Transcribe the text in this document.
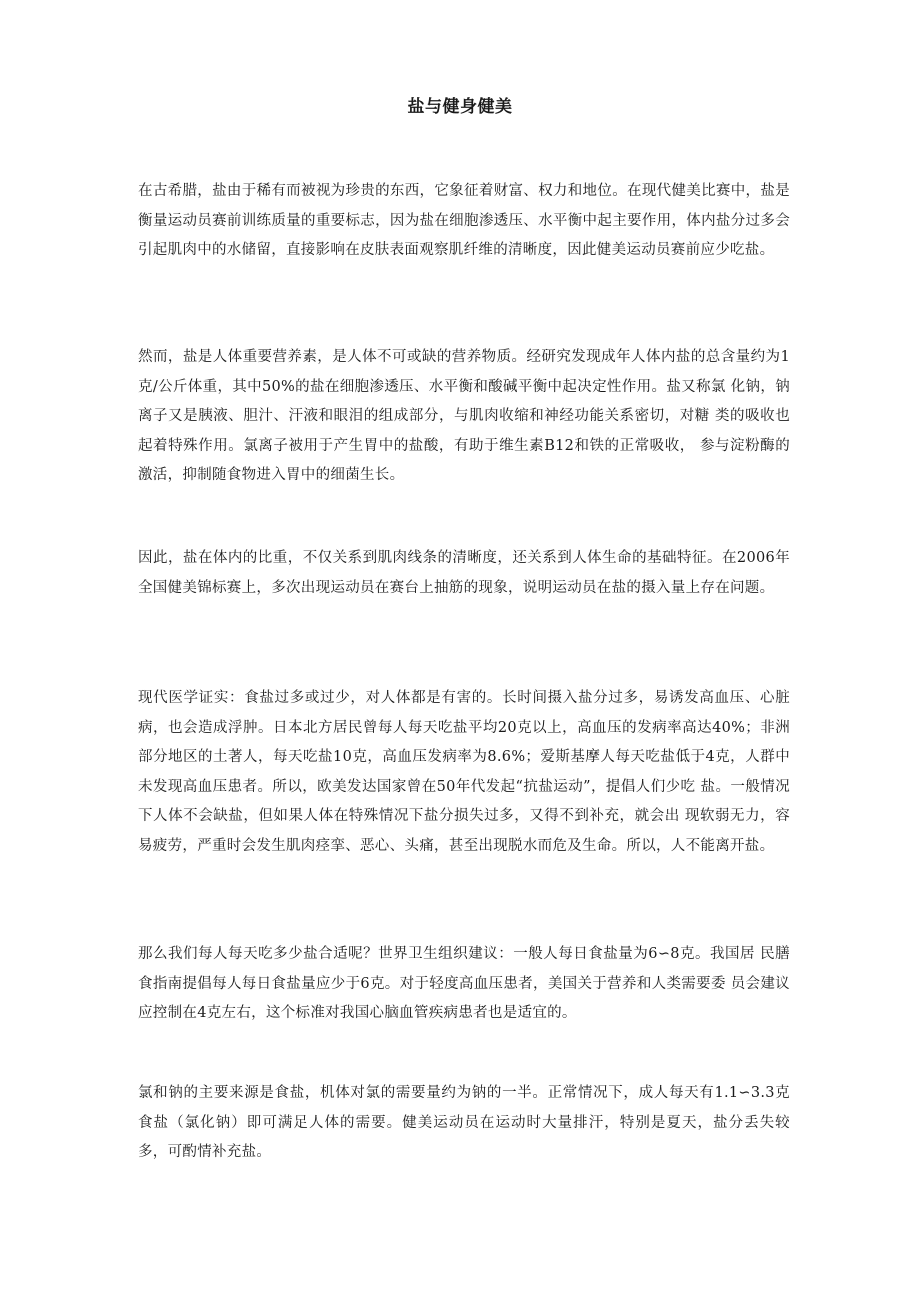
盐与健身健美

在古希腊，盐由于稀有而被视为珍贵的东西，它象征着财富、权力和地位。在现代健美比赛中，盐是衡量运动员赛前训练质量的重要标志，因为盐在细胞渗透压、水平衡中起主要作用，体内盐分过多会引起肌肉中的水储留，直接影响在皮肤表面观察肌纤维的清晰度，因此健美运动员赛前应少吃盐。

然而，盐是人体重要营养素，是人体不可或缺的营养物质。经研究发现成年人体内盐的总含量约为1克/公斤体重，其中50%的盐在细胞渗透压、水平衡和酸碱平衡中起决定性作用。盐又称氯 化钠，钠离子又是胰液、胆汁、汗液和眼泪的组成部分，与肌肉收缩和神经功能关系密切，对糖 类的吸收也起着特殊作用。氯离子被用于产生胃中的盐酸，有助于维生素B12和铁的正常吸收， 参与淀粉酶的激活，抑制随食物进入胃中的细菌生长。

因此，盐在体内的比重，不仅关系到肌肉线条的清晰度，还关系到人体生命的基础特征。在2006年全国健美锦标赛上，多次出现运动员在赛台上抽筋的现象，说明运动员在盐的摄入量上存在问题。

现代医学证实：食盐过多或过少，对人体都是有害的。长时间摄入盐分过多，易诱发高血压、心脏病，也会造成浮肿。日本北方居民曾每人每天吃盐平均20克以上，高血压的发病率高达40%；非洲部分地区的土著人，每天吃盐10克，高血压发病率为8.6%；爱斯基摩人每天吃盐低于4克，人群中未发现高血压患者。所以，欧美发达国家曾在50年代发起“抗盐运动”，提倡人们少吃 盐。一般情况下人体不会缺盐，但如果人体在特殊情况下盐分损失过多，又得不到补充，就会出 现软弱无力，容易疲劳，严重时会发生肌肉痉挛、恶心、头痛，甚至出现脱水而危及生命。所以，人不能离开盐。

那么我们每人每天吃多少盐合适呢？世界卫生组织建议：一般人每日食盐量为6∽8克。我国居 民膳食指南提倡每人每日食盐量应少于6克。对于轻度高血压患者，美国关于营养和人类需要委 员会建议应控制在4克左右，这个标准对我国心脑血管疾病患者也是适宜的。

氯和钠的主要来源是食盐，机体对氯的需要量约为钠的一半。正常情况下，成人每天有1.1∽3.3克食盐（氯化钠）即可满足人体的需要。健美运动员在运动时大量排汗，特别是夏天，盐分丢失较 多，可酌情补充盐。
